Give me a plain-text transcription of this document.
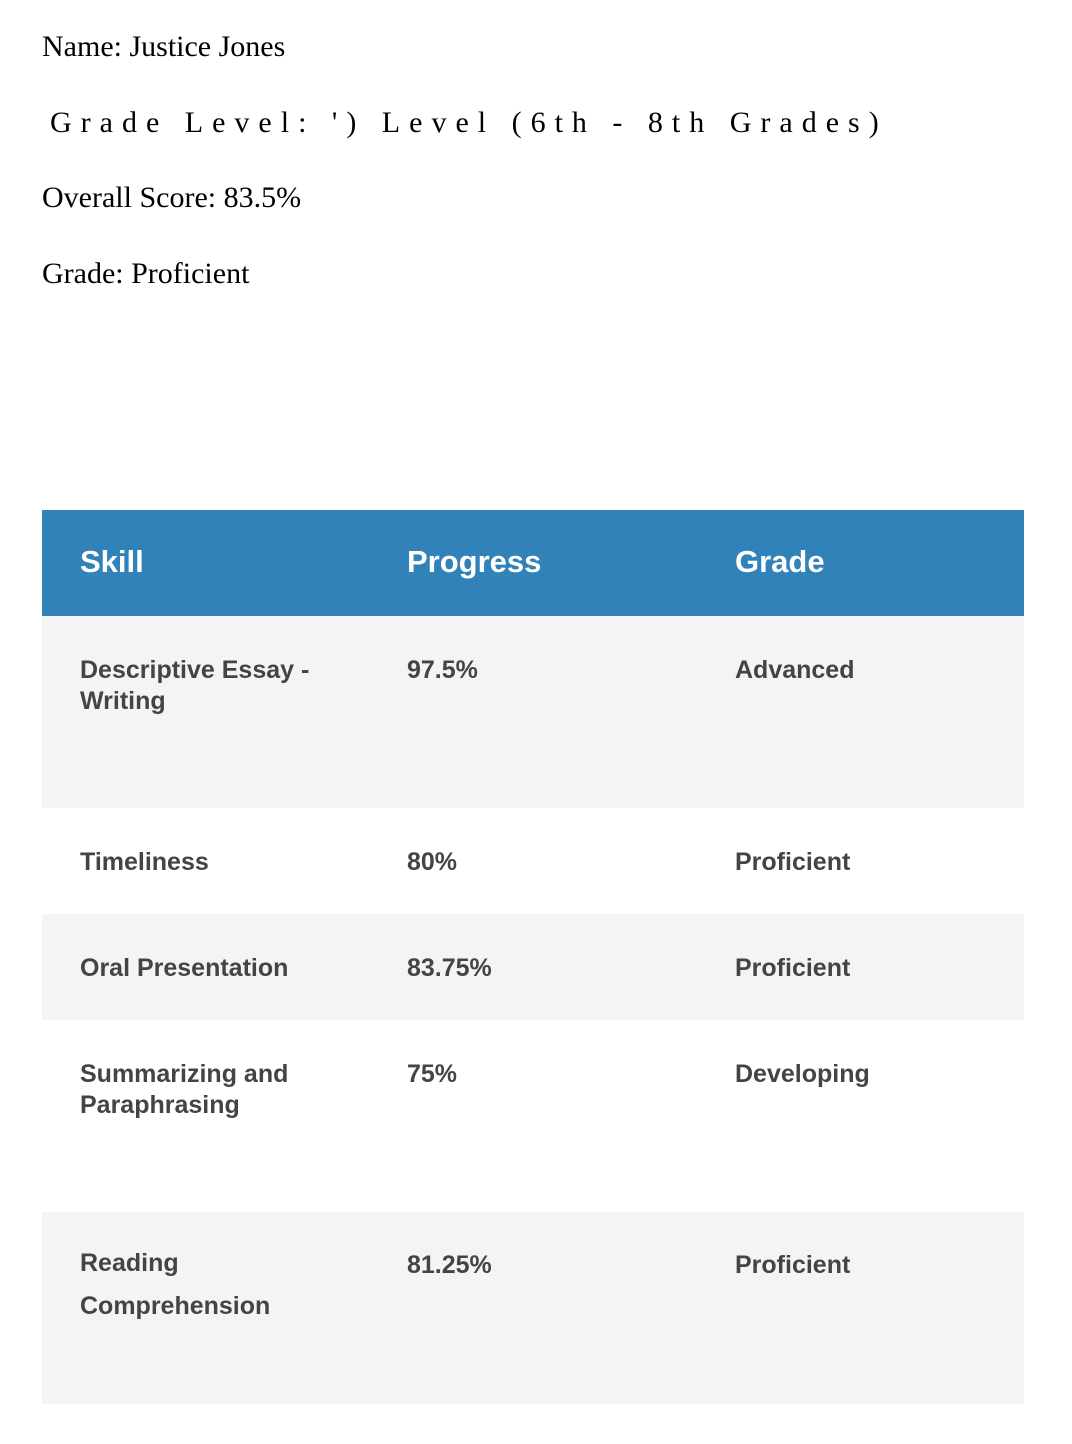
Name: Justice Jones
Grade Level: ') Level (6th - 8th Grades)
Overall Score: 83.5%
Grade: Proficient
Skill	Progress	Grade
Descriptive Essay - Writing	97.5%	Advanced
Timeliness	80%	Proficient
Oral Presentation	83.75%	Proficient
Summarizing and Paraphrasing	75%	Developing
Reading Comprehension	81.25%	Proficient
